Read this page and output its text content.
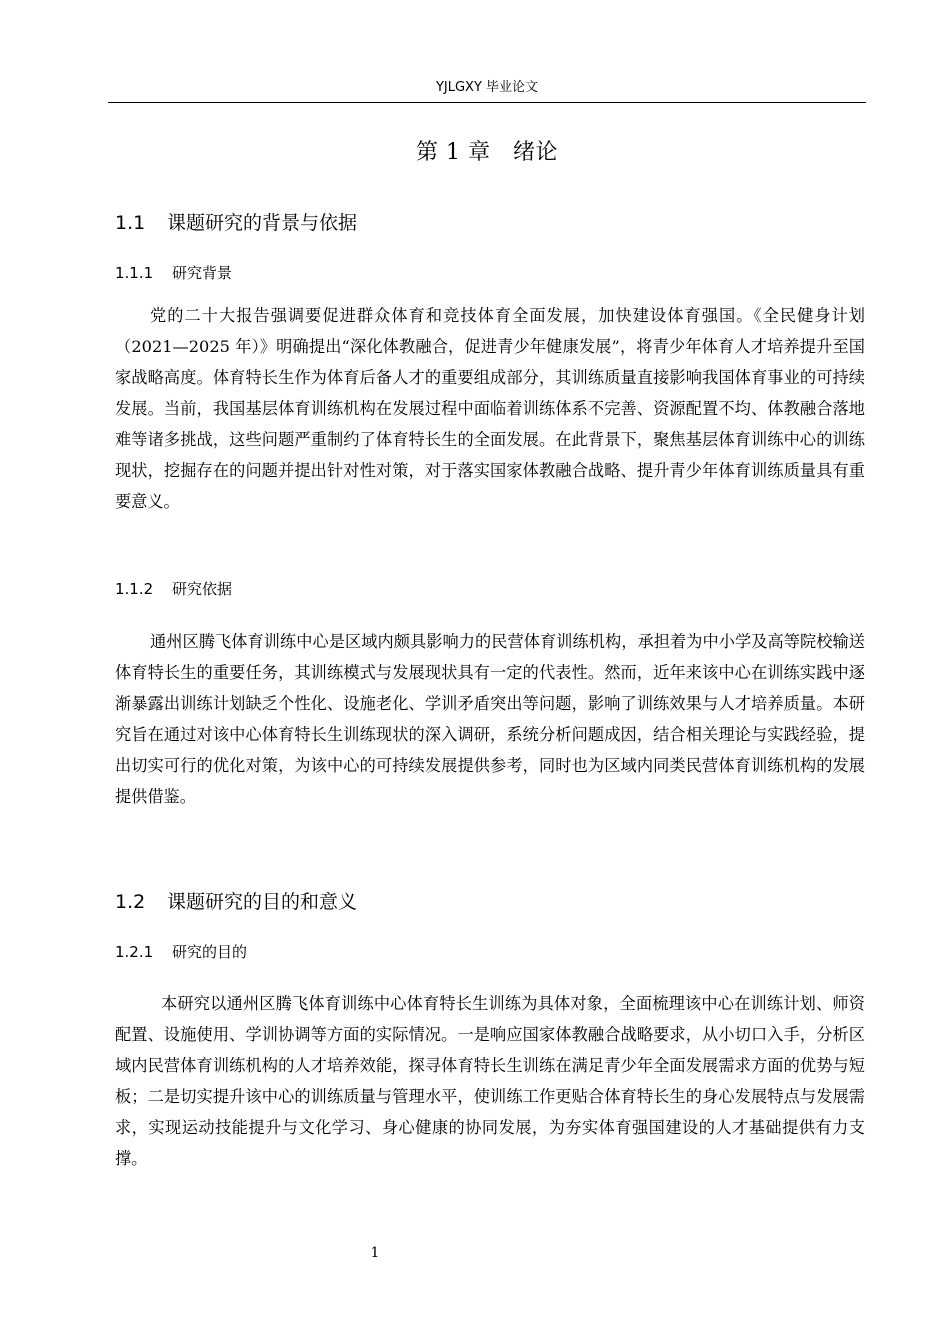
YJLGXY 毕业论文
第 1 章　绪论
1.1 课题研究的背景与依据
1.1.1 研究背景

党的二十大报告强调要促进群众体育和竞技体育全面发展，加快建设体育强国。《全民健身计划（2021—2025 年）》明确提出“深化体教融合，促进青少年健康发展”，将青少年体育人才培养提升至国家战略高度。体育特长生作为体育后备人才的重要组成部分，其训练质量直接影响我国体育事业的可持续发展。当前，我国基层体育训练机构在发展过程中面临着训练体系不完善、资源配置不均、体教融合落地难等诸多挑战，这些问题严重制约了体育特长生的全面发展。在此背景下，聚焦基层体育训练中心的训练现状，挖掘存在的问题并提出针对性对策，对于落实国家体教融合战略、提升青少年体育训练质量具有重要意义。

1.1.2 研究依据

通州区腾飞体育训练中心是区域内颇具影响力的民营体育训练机构，承担着为中小学及高等院校输送体育特长生的重要任务，其训练模式与发展现状具有一定的代表性。然而，近年来该中心在训练实践中逐渐暴露出训练计划缺乏个性化、设施老化、学训矛盾突出等问题，影响了训练效果与人才培养质量。本研究旨在通过对该中心体育特长生训练现状的深入调研，系统分析问题成因，结合相关理论与实践经验，提出切实可行的优化对策，为该中心的可持续发展提供参考，同时也为区域内同类民营体育训练机构的发展提供借鉴。

1.2 课题研究的目的和意义
1.2.1 研究的目的

本研究以通州区腾飞体育训练中心体育特长生训练为具体对象，全面梳理该中心在训练计划、师资配置、设施使用、学训协调等方面的实际情况。一是响应国家体教融合战略要求，从小切口入手，分析区域内民营体育训练机构的人才培养效能，探寻体育特长生训练在满足青少年全面发展需求方面的优势与短板；二是切实提升该中心的训练质量与管理水平，使训练工作更贴合体育特长生的身心发展特点与发展需求，实现运动技能提升与文化学习、身心健康的协同发展，为夯实体育强国建设的人才基础提供有力支撑。

1
